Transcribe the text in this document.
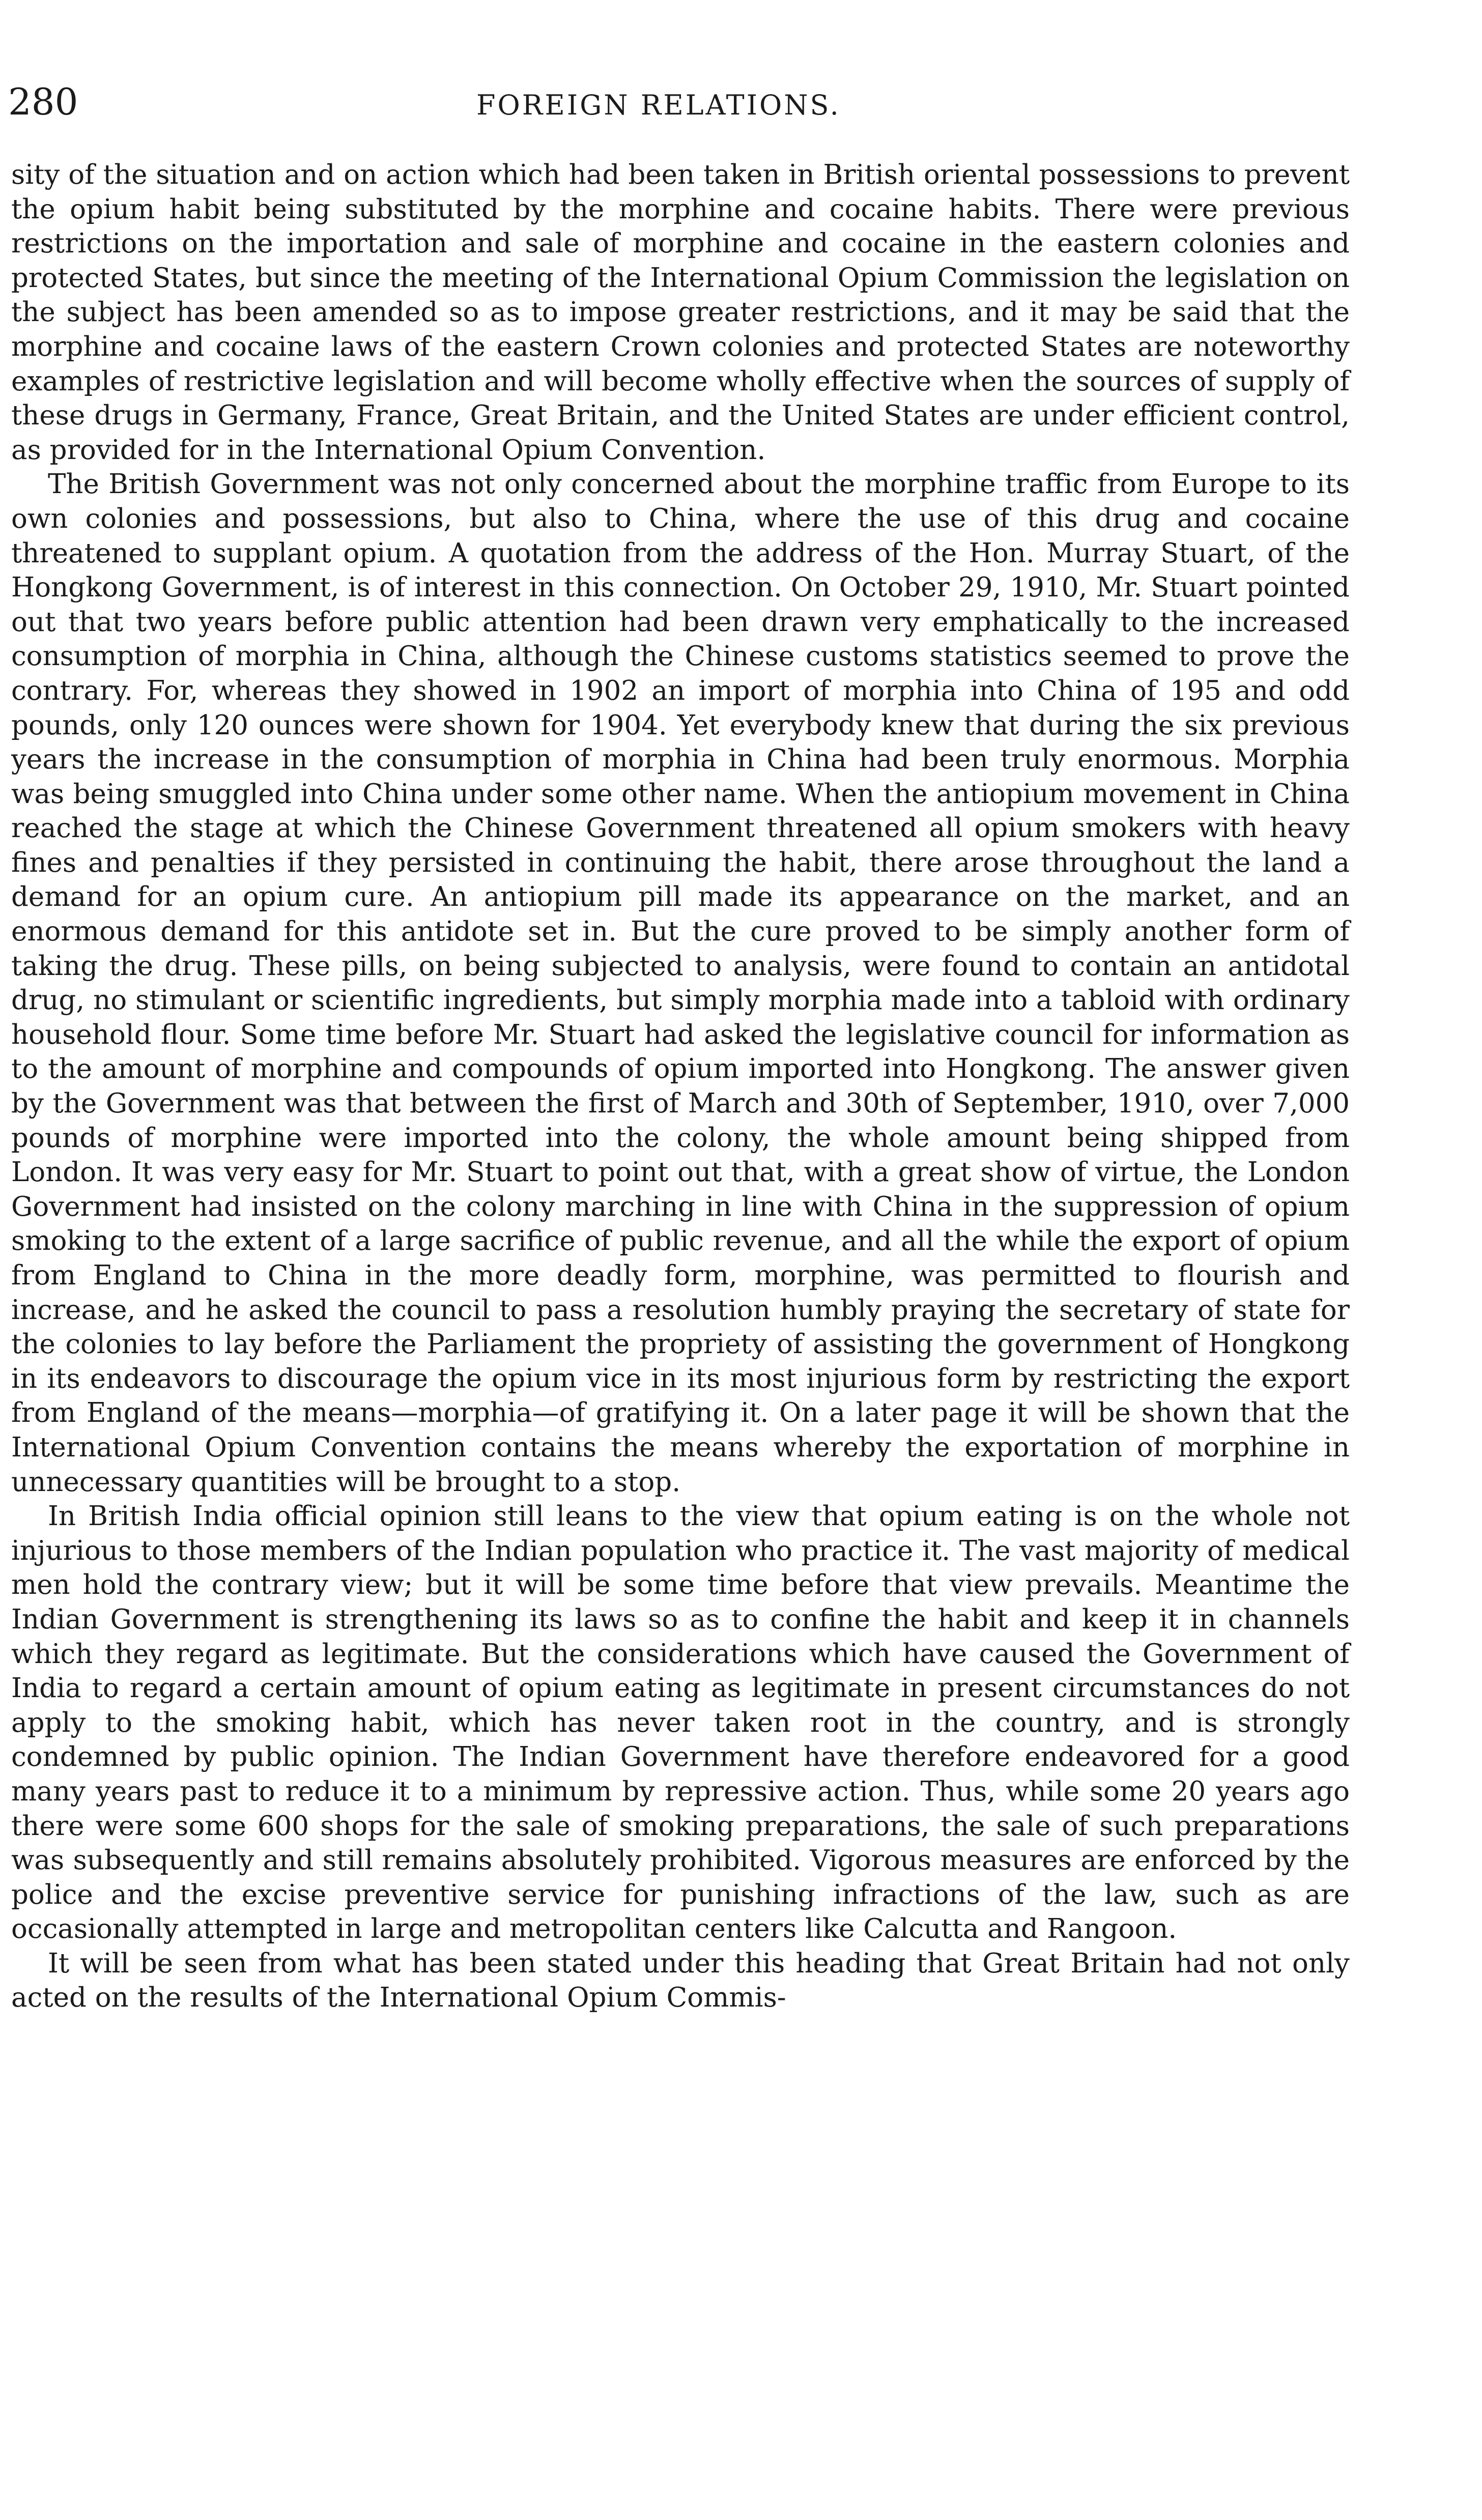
280	FOREIGN RELATIONS.

sity of the situation and on action which had been taken in British oriental possessions to prevent the opium habit being substituted by the morphine and cocaine habits. There were previous restrictions on the importation and sale of morphine and cocaine in the eastern colonies and protected States, but since the meeting of the International Opium Commission the legislation on the subject has been amended so as to impose greater restrictions, and it may be said that the morphine and cocaine laws of the eastern Crown colonies and protected States are noteworthy examples of restrictive legislation and will become wholly effective when the sources of supply of these drugs in Germany, France, Great Britain, and the United States are under efficient control, as provided for in the International Opium Convention.

The British Government was not only concerned about the morphine traffic from Europe to its own colonies and possessions, but also to China, where the use of this drug and cocaine threatened to supplant opium. A quotation from the address of the Hon. Murray Stuart, of the Hongkong Government, is of interest in this connection. On October 29, 1910, Mr. Stuart pointed out that two years before public attention had been drawn very emphatically to the increased consumption of morphia in China, although the Chinese customs statistics seemed to prove the contrary. For, whereas they showed in 1902 an import of morphia into China of 195 and odd pounds, only 120 ounces were shown for 1904. Yet everybody knew that during the six previous years the increase in the consumption of morphia in China had been truly enormous. Morphia was being smuggled into China under some other name. When the antiopium movement in China reached the stage at which the Chinese Government threatened all opium smokers with heavy fines and penalties if they persisted in continuing the habit, there arose throughout the land a demand for an opium cure. An antiopium pill made its appearance on the market, and an enormous demand for this antidote set in. But the cure proved to be simply another form of taking the drug. These pills, on being subjected to analysis, were found to contain an antidotal drug, no stimulant or scientific ingredients, but simply morphia made into a tabloid with ordinary household flour. Some time before Mr. Stuart had asked the legislative council for information as to the amount of morphine and compounds of opium imported into Hongkong. The answer given by the Government was that between the first of March and 30th of September, 1910, over 7,000 pounds of morphine were imported into the colony, the whole amount being shipped from London. It was very easy for Mr. Stuart to point out that, with a great show of virtue, the London Government had insisted on the colony marching in line with China in the suppression of opium smoking to the extent of a large sacrifice of public revenue, and all the while the export of opium from England to China in the more deadly form, morphine, was permitted to flourish and increase, and he asked the council to pass a resolution humbly praying the secretary of state for the colonies to lay before the Parliament the propriety of assisting the government of Hongkong in its endeavors to discourage the opium vice in its most injurious form by restricting the export from England of the means—morphia—of gratifying it. On a later page it will be shown that the International Opium Convention contains the means whereby the exportation of morphine in unnecessary quantities will be brought to a stop.

In British India official opinion still leans to the view that opium eating is on the whole not injurious to those members of the Indian population who practice it. The vast majority of medical men hold the contrary view; but it will be some time before that view prevails. Meantime the Indian Government is strengthening its laws so as to confine the habit and keep it in channels which they regard as legitimate. But the considerations which have caused the Government of India to regard a certain amount of opium eating as legitimate in present circumstances do not apply to the smoking habit, which has never taken root in the country, and is strongly condemned by public opinion. The Indian Government have therefore endeavored for a good many years past to reduce it to a minimum by repressive action. Thus, while some 20 years ago there were some 600 shops for the sale of smoking preparations, the sale of such preparations was subsequently and still remains absolutely prohibited. Vigorous measures are enforced by the police and the excise preventive service for punishing infractions of the law, such as are occasionally attempted in large and metropolitan centers like Calcutta and Rangoon.

It will be seen from what has been stated under this heading that Great Britain had not only acted on the results of the International Opium Commis-
